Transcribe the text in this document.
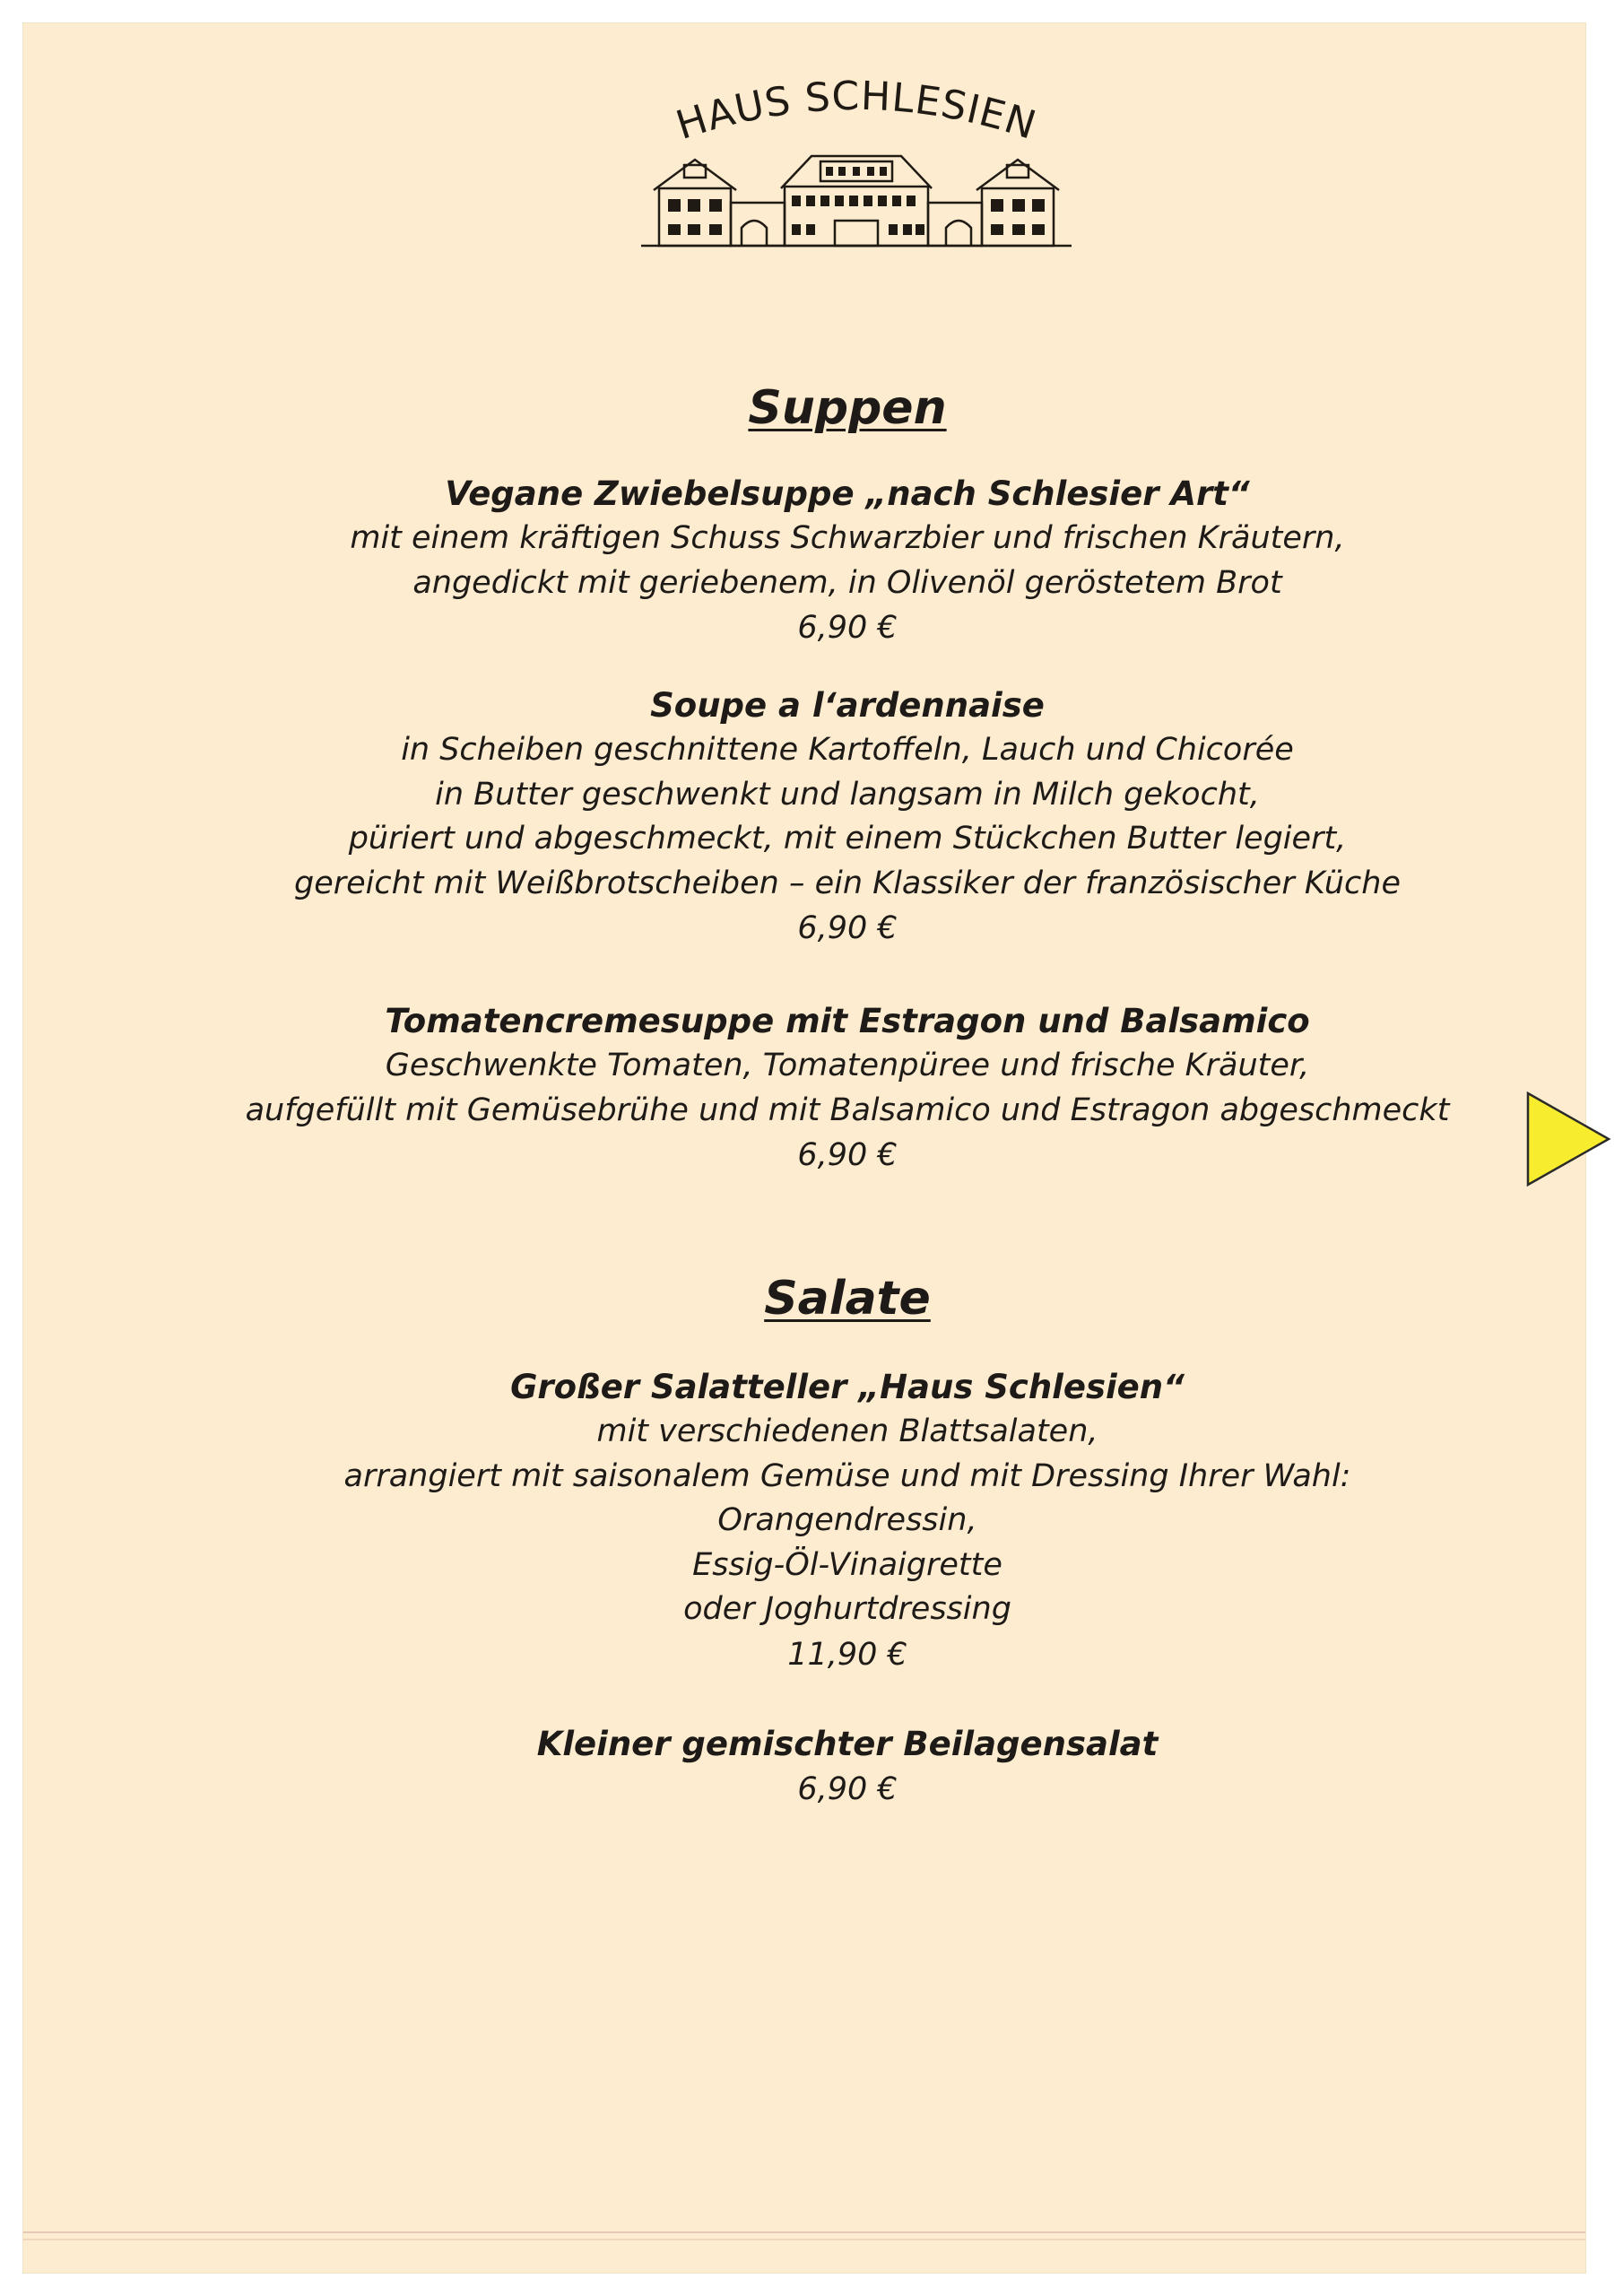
HAUS SCHLESIEN
Suppen
Vegane Zwiebelsuppe „nach Schlesier Art“
mit einem kräftigen Schuss Schwarzbier und frischen Kräutern,
angedickt mit geriebenem, in Olivenöl geröstetem Brot
6,90 €
Soupe a l‘ardennaise
in Scheiben geschnittene Kartoffeln, Lauch und Chicorée
in Butter geschwenkt und langsam in Milch gekocht,
püriert und abgeschmeckt, mit einem Stückchen Butter legiert,
gereicht mit Weißbrotscheiben – ein Klassiker der französischer Küche
6,90 €
Tomatencremesuppe mit Estragon und Balsamico
Geschwenkte Tomaten, Tomatenpüree und frische Kräuter,
aufgefüllt mit Gemüsebrühe und mit Balsamico und Estragon abgeschmeckt
6,90 €
Salate
Großer Salatteller „Haus Schlesien“
mit verschiedenen Blattsalaten,
arrangiert mit saisonalem Gemüse und mit Dressing Ihrer Wahl:
Orangendressin,
Essig-Öl-Vinaigrette
oder Joghurtdressing
11,90 €
Kleiner gemischter Beilagensalat
6,90 €
